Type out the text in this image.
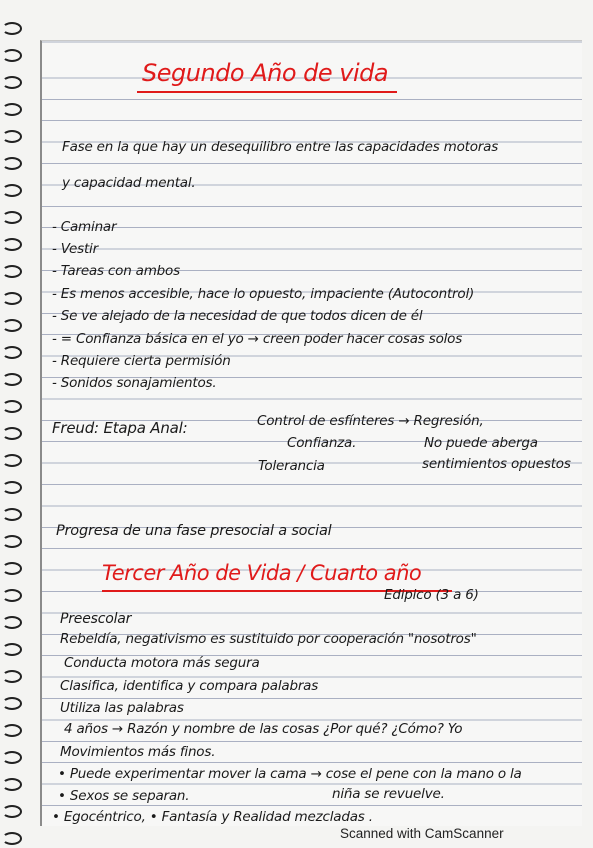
Segundo Año de vida
Fase en la que hay un desequilibro entre las capacidades motoras
y capacidad mental.
- Caminar
- Vestir
- Tareas con ambos
- Es menos accesible, hace lo opuesto, impaciente (Autocontrol)
- Se ve alejado de la necesidad de que todos dicen de él
- = Confianza básica en el yo → creen poder hacer cosas solos
- Requiere cierta permisión
- Sonidos sonajamientos.
Freud: Etapa Anal:	Control de esfínteres → Regresión,
Confianza.	No puede aberga
Tolerancia	sentimientos opuestos
Progresa de una fase presocial a social
Tercer Año de Vida / Cuarto año
Edipico (3 a 6)
Preescolar
Rebeldía, negativismo es sustituido por cooperación "nosotros"
Conducta motora más segura
Clasifica, identifica y compara palabras
Utiliza las palabras
4 años → Razón y nombre de las cosas ¿Por qué? ¿Cómo? Yo
Movimientos más finos.
• Puede experimentar mover la cama → cose el pene con la mano o la
• Sexos se separan.	niña se revuelve.
• Egocéntrico, • Fantasía y Realidad mezcladas .
Scanned with CamScanner
